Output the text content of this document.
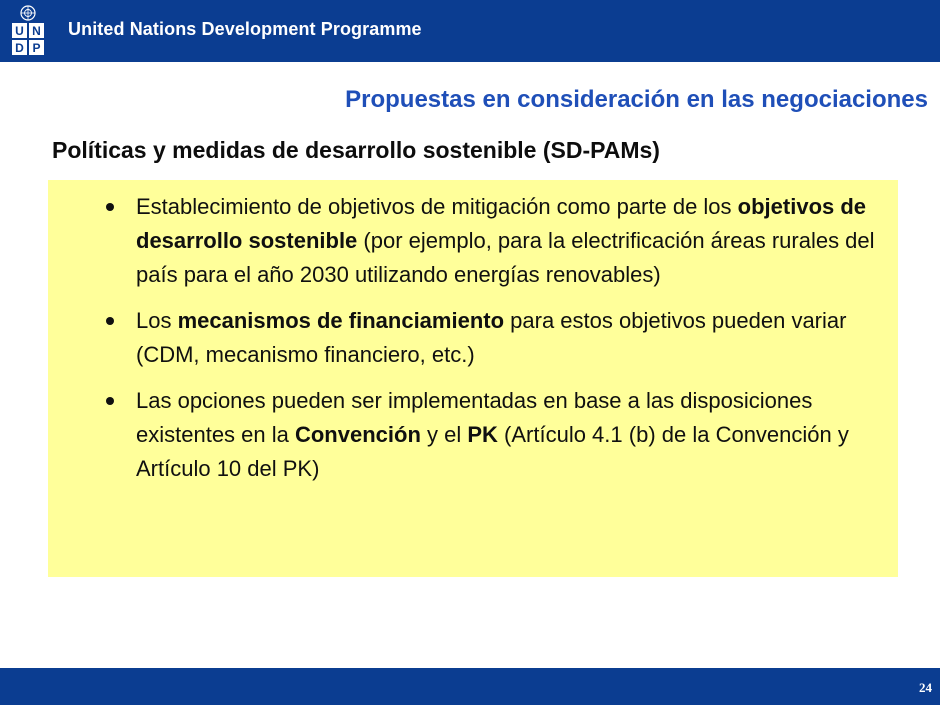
U N
D P
United Nations Development Programme
Propuestas en consideración en las negociaciones
Políticas y medidas de desarrollo sostenible (SD-PAMs)
Establecimiento de objetivos de mitigación como parte de los objetivos de desarrollo sostenible (por ejemplo, para la electrificación áreas rurales del país para el año 2030 utilizando energías renovables)
Los mecanismos de financiamiento para estos objetivos pueden variar (CDM, mecanismo financiero, etc.)
Las opciones pueden ser implementadas en base a las disposiciones existentes en la Convención y el PK (Artículo 4.1 (b) de la Convención y Artículo 10 del PK)
24
